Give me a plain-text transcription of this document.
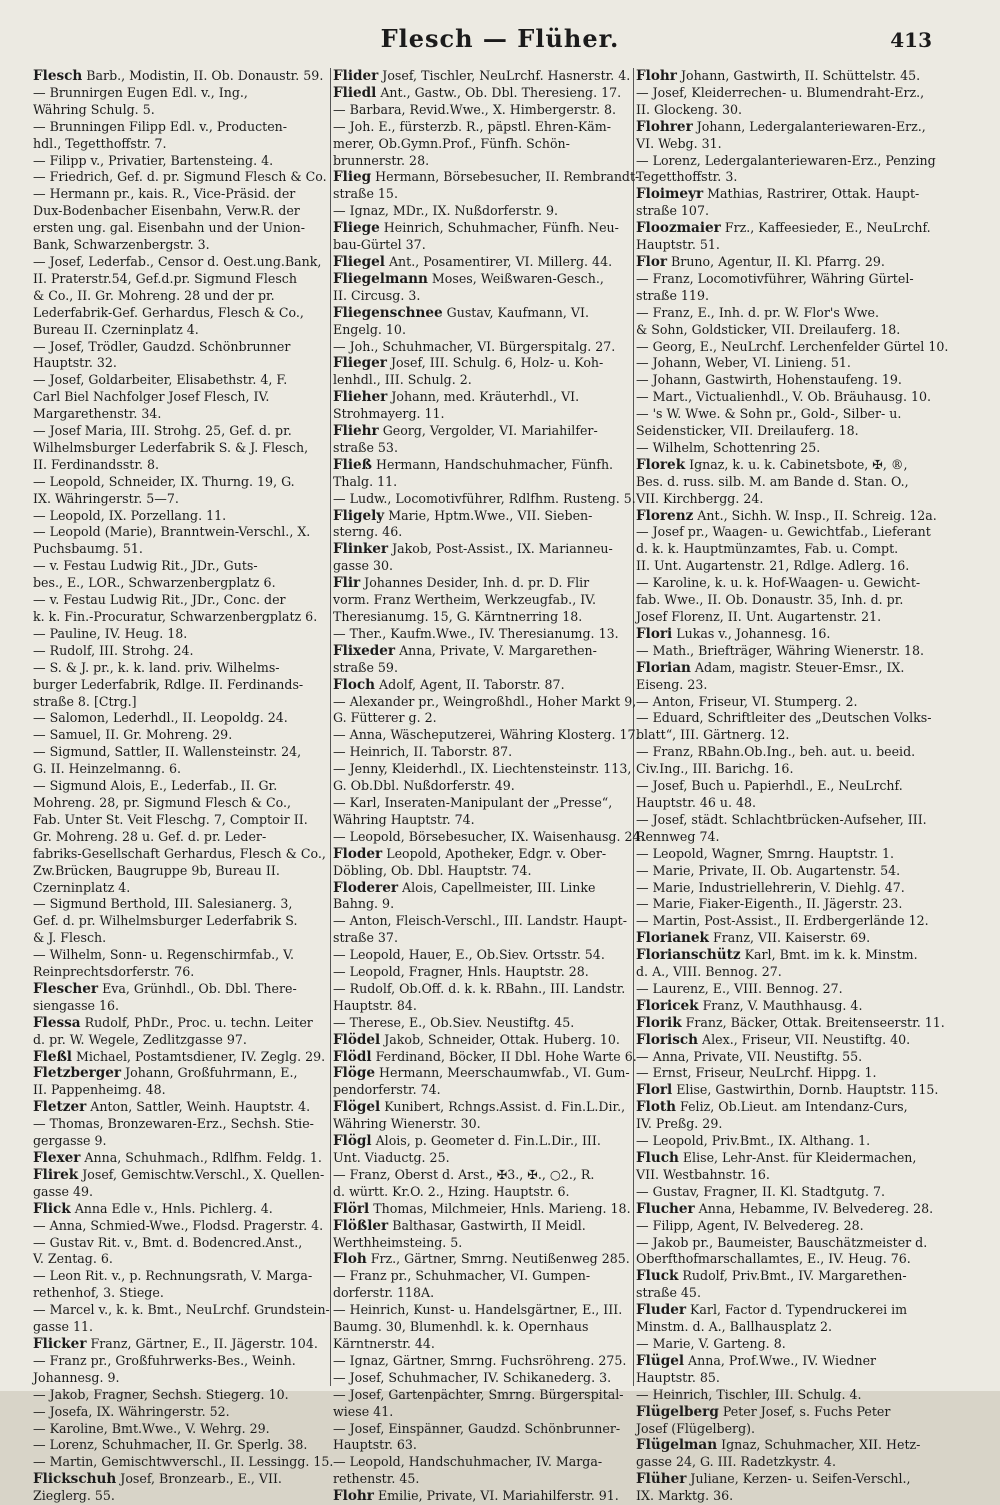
Flesch — Flüher.	413
Flesch Barb., Modistin, II. Ob. Donaustr. 59.
— Brunnirgen Eugen Edl. v., Ing.,
Währing Schulg. 5.
— Brunningen Filipp Edl. v., Producten-
hdl., Tegetthoffstr. 7.
— Filipp v., Privatier, Bartensteing. 4.
— Friedrich, Gef. d. pr. Sigmund Flesch & Co.
— Hermann pr., kais. R., Vice-Präsid. der
Dux-Bodenbacher Eisenbahn, Verw.R. der
ersten ung. gal. Eisenbahn und der Union-
Bank, Schwarzenbergstr. 3.
— Josef, Lederfab., Censor d. Oest.ung.Bank,
II. Praterstr.54, Gef.d.pr. Sigmund Flesch
& Co., II. Gr. Mohreng. 28 und der pr.
Lederfabrik-Gef. Gerhardus, Flesch & Co.,
Bureau II. Czerninplatz 4.
— Josef, Trödler, Gaudzd. Schönbrunner
Hauptstr. 32.
— Josef, Goldarbeiter, Elisabethstr. 4, F.
Carl Biel Nachfolger Josef Flesch, IV.
Margarethenstr. 34.
— Josef Maria, III. Strohg. 25, Gef. d. pr.
Wilhelmsburger Lederfabrik S. & J. Flesch,
II. Ferdinandsstr. 8.
— Leopold, Schneider, IX. Thurng. 19, G.
IX. Währingerstr. 5—7.
— Leopold, IX. Porzellang. 11.
— Leopold (Marie), Branntwein-Verschl., X.
Puchsbaumg. 51.
— v. Festau Ludwig Rit., JDr., Guts-
bes., E., LOR., Schwarzenbergplatz 6.
— v. Festau Ludwig Rit., JDr., Conc. der
k. k. Fin.-Procuratur, Schwarzenbergplatz 6.
— Pauline, IV. Heug. 18.
— Rudolf, III. Strohg. 24.
— S. & J. pr., k. k. land. priv. Wilhelms-
burger Lederfabrik, Rdlge. II. Ferdinands-
straße 8. [Ctrg.]
— Salomon, Lederhdl., II. Leopoldg. 24.
— Samuel, II. Gr. Mohreng. 29.
— Sigmund, Sattler, II. Wallensteinstr. 24,
G. II. Heinzelmanng. 6.
— Sigmund Alois, E., Lederfab., II. Gr.
Mohreng. 28, pr. Sigmund Flesch & Co.,
Fab. Unter St. Veit Fleschg. 7, Comptoir II.
Gr. Mohreng. 28 u. Gef. d. pr. Leder-
fabriks-Gesellschaft Gerhardus, Flesch & Co.,
Zw.Brücken, Baugruppe 9b, Bureau II.
Czerninplatz 4.
— Sigmund Berthold, III. Salesianerg. 3,
Gef. d. pr. Wilhelmsburger Lederfabrik S.
& J. Flesch.
— Wilhelm, Sonn- u. Regenschirmfab., V.
Reinprechtsdorferstr. 76.
Flescher Eva, Grünhdl., Ob. Dbl. There-
siengasse 16.
Flessa Rudolf, PhDr., Proc. u. techn. Leiter
d. pr. W. Wegele, Zedlitzgasse 97.
Fleßl Michael, Postamtsdiener, IV. Zeglg. 29.
Fletzberger Johann, Großfuhrmann, E.,
II. Pappenheimg. 48.
Fletzer Anton, Sattler, Weinh. Hauptstr. 4.
— Thomas, Bronzewaren-Erz., Sechsh. Stie-
gergasse 9.
Flexer Anna, Schuhmach., Rdlfhm. Feldg. 1.
Flirek Josef, Gemischtw.Verschl., X. Quellen-
gasse 49.
Flick Anna Edle v., Hnls. Pichlerg. 4.
— Anna, Schmied-Wwe., Flodsd. Pragerstr. 4.
— Gustav Rit. v., Bmt. d. Bodencred.Anst.,
V. Zentag. 6.
— Leon Rit. v., p. Rechnungsrath, V. Marga-
rethenhof, 3. Stiege.
— Marcel v., k. k. Bmt., NeuLrchf. Grundstein-
gasse 11.
Flicker Franz, Gärtner, E., II. Jägerstr. 104.
— Franz pr., Großfuhrwerks-Bes., Weinh.
Johannesg. 9.
— Jakob, Fragner, Sechsh. Stiegerg. 10.
— Josefa, IX. Währingerstr. 52.
— Karoline, Bmt.Wwe., V. Wehrg. 29.
— Lorenz, Schuhmacher, II. Gr. Sperlg. 38.
— Martin, Gemischtwverschl., II. Lessingg. 15.
Flickschuh Josef, Bronzearb., E., VII.
Zieglerg. 55.
Flider Josef, Tischler, NeuLrchf. Hasnerstr. 4.
Fliedl Ant., Gastw., Ob. Dbl. Theresieng. 17.
— Barbara, Revid.Wwe., X. Himbergerstr. 8.
— Joh. E., fürsterzb. R., päpstl. Ehren-Käm-
merer, Ob.Gymn.Prof., Fünfh. Schön-
brunnerstr. 28.
Flieg Hermann, Börsebesucher, II. Rembrandt-
straße 15.
— Ignaz, MDr., IX. Nußdorferstr. 9.
Fliege Heinrich, Schuhmacher, Fünfh. Neu-
bau-Gürtel 37.
Fliegel Ant., Posamentirer, VI. Millerg. 44.
Fliegelmann Moses, Weißwaren-Gesch.,
II. Circusg. 3.
Fliegenschnee Gustav, Kaufmann, VI.
Engelg. 10.
— Joh., Schuhmacher, VI. Bürgerspitalg. 27.
Flieger Josef, III. Schulg. 6, Holz- u. Koh-
lenhdl., III. Schulg. 2.
Flieher Johann, med. Kräuterhdl., VI.
Strohmayerg. 11.
Fliehr Georg, Vergolder, VI. Mariahilfer-
straße 53.
Fließ Hermann, Handschuhmacher, Fünfh.
Thalg. 11.
— Ludw., Locomotivführer, Rdlfhm. Rusteng. 5.
Fligely Marie, Hptm.Wwe., VII. Sieben-
sterng. 46.
Flinker Jakob, Post-Assist., IX. Marianneu-
gasse 30.
Flir Johannes Desider, Inh. d. pr. D. Flir
vorm. Franz Wertheim, Werkzeugfab., IV.
Theresianumg. 15, G. Kärntnerring 18.
— Ther., Kaufm.Wwe., IV. Theresianumg. 13.
Flixeder Anna, Private, V. Margarethen-
straße 59.
Floch Adolf, Agent, II. Taborstr. 87.
— Alexander pr., Weingroßhdl., Hoher Markt 9,
G. Fütterer g. 2.
— Anna, Wäscheputzerei, Währing Klosterg. 17.
— Heinrich, II. Taborstr. 87.
— Jenny, Kleiderhdl., IX. Liechtensteinstr. 113,
G. Ob.Dbl. Nußdorferstr. 49.
— Karl, Inseraten-Manipulant der „Presse“,
Währing Hauptstr. 74.
— Leopold, Börsebesucher, IX. Waisenhausg. 24.
Floder Leopold, Apotheker, Edgr. v. Ober-
Döbling, Ob. Dbl. Hauptstr. 74.
Floderer Alois, Capellmeister, III. Linke
Bahng. 9.
— Anton, Fleisch-Verschl., III. Landstr. Haupt-
straße 37.
— Leopold, Hauer, E., Ob.Siev. Ortsstr. 54.
— Leopold, Fragner, Hnls. Hauptstr. 28.
— Rudolf, Ob.Off. d. k. k. RBahn., III. Landstr.
Hauptstr. 84.
— Therese, E., Ob.Siev. Neustiftg. 45.
Flödel Jakob, Schneider, Ottak. Huberg. 10.
Flödl Ferdinand, Böcker, II Dbl. Hohe Warte 6.
Flöge Hermann, Meerschaumwfab., VI. Gum-
pendorferstr. 74.
Flögel Kunibert, Rchngs.Assist. d. Fin.L.Dir.,
Währing Wienerstr. 30.
Flögl Alois, p. Geometer d. Fin.L.Dir., III.
Unt. Viaductg. 25.
— Franz, Oberst d. Arst., ✠3., ✠., ○2., R.
d. württ. Kr.O. 2., Hzing. Hauptstr. 6.
Flörl Thomas, Milchmeier, Hnls. Marieng. 18.
Flößler Balthasar, Gastwirth, II Meidl.
Werthheimsteing. 5.
Floh Frz., Gärtner, Smrng. Neutißenweg 285.
— Franz pr., Schuhmacher, VI. Gumpen-
dorferstr. 118A.
— Heinrich, Kunst- u. Handelsgärtner, E., III.
Baumg. 30, Blumenhdl. k. k. Opernhaus
Kärntnerstr. 44.
— Ignaz, Gärtner, Smrng. Fuchsröhreng. 275.
— Josef, Schuhmacher, IV. Schikanederg. 3.
— Josef, Gartenpächter, Smrng. Bürgerspital-
wiese 41.
— Josef, Einspänner, Gaudzd. Schönbrunner-
Hauptstr. 63.
— Leopold, Handschuhmacher, IV. Marga-
rethenstr. 45.
Flohr Emilie, Private, VI. Mariahilferstr. 91.
Flohr Johann, Gastwirth, II. Schüttelstr. 45.
— Josef, Kleiderrechen- u. Blumendraht-Erz.,
II. Glockeng. 30.
Flohrer Johann, Ledergalanteriewaren-Erz.,
VI. Webg. 31.
— Lorenz, Ledergalanteriewaren-Erz., Penzing
Tegetthoffstr. 3.
Floimeyr Mathias, Rastrirer, Ottak. Haupt-
straße 107.
Floozmaier Frz., Kaffeesieder, E., NeuLrchf.
Hauptstr. 51.
Flor Bruno, Agentur, II. Kl. Pfarrg. 29.
— Franz, Locomotivführer, Währing Gürtel-
straße 119.
— Franz, E., Inh. d. pr. W. Flor's Wwe.
& Sohn, Goldsticker, VII. Dreilauferg. 18.
— Georg, E., NeuLrchf. Lerchenfelder Gürtel 10.
— Johann, Weber, VI. Linieng. 51.
— Johann, Gastwirth, Hohenstaufeng. 19.
— Mart., Victualienhdl., V. Ob. Bräuhausg. 10.
— 's W. Wwe. & Sohn pr., Gold-, Silber- u.
Seidensticker, VII. Dreilauferg. 18.
— Wilhelm, Schottenring 25.
Florek Ignaz, k. u. k. Cabinetsbote, ✠, ®,
Bes. d. russ. silb. M. am Bande d. Stan. O.,
VII. Kirchbergg. 24.
Florenz Ant., Sichh. W. Insp., II. Schreig. 12a.
— Josef pr., Waagen- u. Gewichtfab., Lieferant
d. k. k. Hauptmünzamtes, Fab. u. Compt.
II. Unt. Augartenstr. 21, Rdlge. Adlerg. 16.
— Karoline, k. u. k. Hof-Waagen- u. Gewicht-
fab. Wwe., II. Ob. Donaustr. 35, Inh. d. pr.
Josef Florenz, II. Unt. Augartenstr. 21.
Flori Lukas v., Johannesg. 16.
— Math., Briefträger, Währing Wienerstr. 18.
Florian Adam, magistr. Steuer-Emsr., IX.
Eiseng. 23.
— Anton, Friseur, VI. Stumperg. 2.
— Eduard, Schriftleiter des „Deutschen Volks-
blatt“, III. Gärtnerg. 12.
— Franz, RBahn.Ob.Ing., beh. aut. u. beeid.
Civ.Ing., III. Barichg. 16.
— Josef, Buch u. Papierhdl., E., NeuLrchf.
Hauptstr. 46 u. 48.
— Josef, städt. Schlachtbrücken-Aufseher, III.
Rennweg 74.
— Leopold, Wagner, Smrng. Hauptstr. 1.
— Marie, Private, II. Ob. Augartenstr. 54.
— Marie, Industriellehrerin, V. Diehlg. 47.
— Marie, Fiaker-Eigenth., II. Jägerstr. 23.
— Martin, Post-Assist., II. Erdbergerlände 12.
Florianek Franz, VII. Kaiserstr. 69.
Florianschütz Karl, Bmt. im k. k. Minstm.
d. A., VIII. Bennog. 27.
— Laurenz, E., VIII. Bennog. 27.
Floricek Franz, V. Mauthhausg. 4.
Florik Franz, Bäcker, Ottak. Breitenseerstr. 11.
Florisch Alex., Friseur, VII. Neustiftg. 40.
— Anna, Private, VII. Neustiftg. 55.
— Ernst, Friseur, NeuLrchf. Hippg. 1.
Florl Elise, Gastwirthin, Dornb. Hauptstr. 115.
Floth Feliz, Ob.Lieut. am Intendanz-Curs,
IV. Preßg. 29.
— Leopold, Priv.Bmt., IX. Althang. 1.
Fluch Elise, Lehr-Anst. für Kleidermachen,
VII. Westbahnstr. 16.
— Gustav, Fragner, II. Kl. Stadtgutg. 7.
Flucher Anna, Hebamme, IV. Belvedereg. 28.
— Filipp, Agent, IV. Belvedereg. 28.
— Jakob pr., Baumeister, Bauschätzmeister d.
Oberfthofmarschallamtes, E., IV. Heug. 76.
Fluck Rudolf, Priv.Bmt., IV. Margarethen-
straße 45.
Fluder Karl, Factor d. Typendruckerei im
Minstm. d. A., Ballhausplatz 2.
— Marie, V. Garteng. 8.
Flügel Anna, Prof.Wwe., IV. Wiedner
Hauptstr. 85.
— Heinrich, Tischler, III. Schulg. 4.
Flügelberg Peter Josef, s. Fuchs Peter
Josef (Flügelberg).
Flügelman Ignaz, Schuhmacher, XII. Hetz-
gasse 24, G. III. Radetzkystr. 4.
Flüher Juliane, Kerzen- u. Seifen-Verschl.,
IX. Marktg. 36.
